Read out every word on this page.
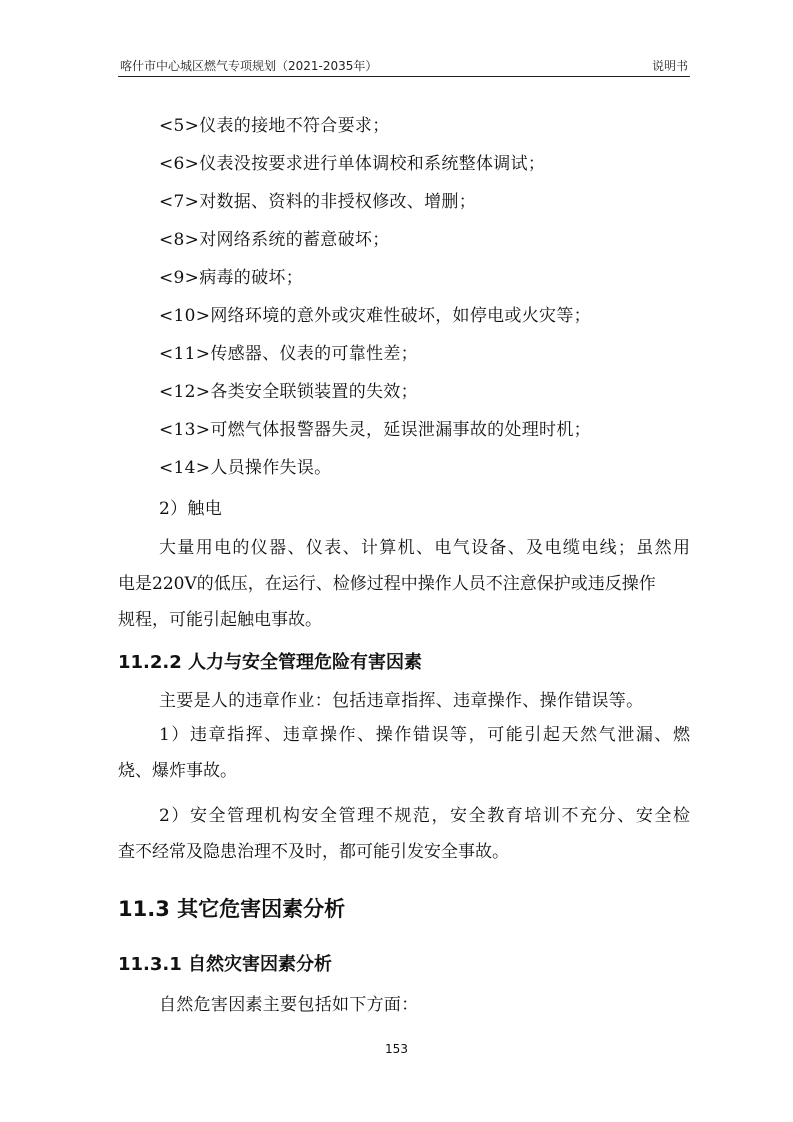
喀什市中心城区燃气专项规划（2021-2035年）	说明书
<5>仪表的接地不符合要求；
<6>仪表没按要求进行单体调校和系统整体调试；
<7>对数据、资料的非授权修改、增删；
<8>对网络系统的蓄意破坏；
<9>病毒的破坏；
<10>网络环境的意外或灾难性破坏，如停电或火灾等；
<11>传感器、仪表的可靠性差；
<12>各类安全联锁装置的失效；
<13>可燃气体报警器失灵，延误泄漏事故的处理时机；
<14>人员操作失误。
2）触电
大量用电的仪器、仪表、计算机、电气设备、及电缆电线；虽然用
电是220V的低压，在运行、检修过程中操作人员不注意保护或违反操作
规程，可能引起触电事故。
11.2.2 人力与安全管理危险有害因素
主要是人的违章作业：包括违章指挥、违章操作、操作错误等。
1）违章指挥、违章操作、操作错误等，可能引起天然气泄漏、燃
烧、爆炸事故。
2）安全管理机构安全管理不规范，安全教育培训不充分、安全检
查不经常及隐患治理不及时，都可能引发安全事故。
11.3 其它危害因素分析
11.3.1 自然灾害因素分析
自然危害因素主要包括如下方面：
153
